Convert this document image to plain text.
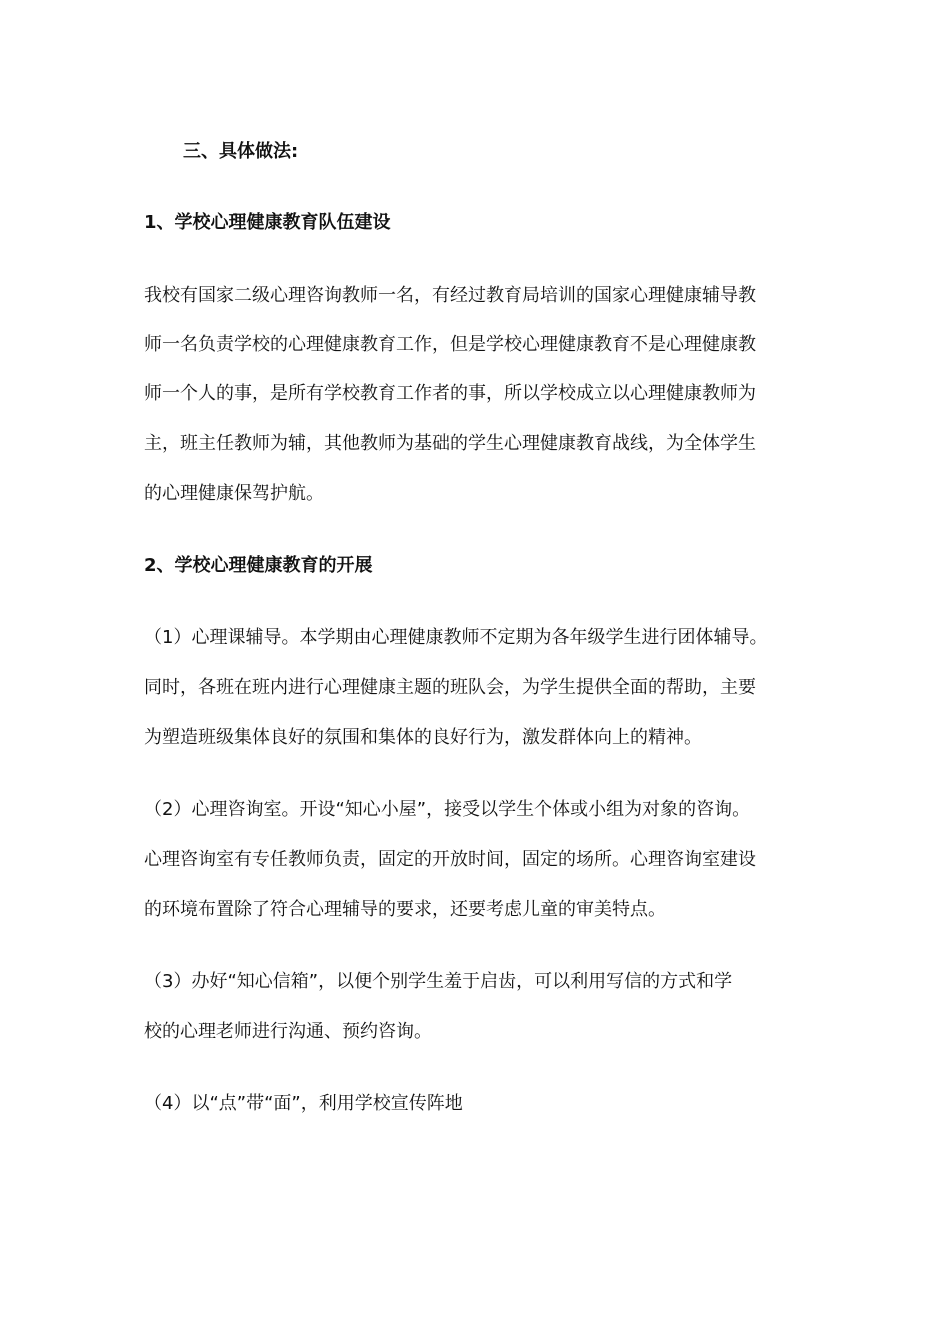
三、具体做法:
1、学校心理健康教育队伍建设
我校有国家二级心理咨询教师一名，有经过教育局培训的国家心理健康辅导教
师一名负责学校的心理健康教育工作，但是学校心理健康教育不是心理健康教
师一个人的事，是所有学校教育工作者的事，所以学校成立以心理健康教师为
主，班主任教师为辅，其他教师为基础的学生心理健康教育战线，为全体学生
的心理健康保驾护航。
2、学校心理健康教育的开展
（1）心理课辅导。本学期由心理健康教师不定期为各年级学生进行团体辅导。
同时，各班在班内进行心理健康主题的班队会，为学生提供全面的帮助，主要
为塑造班级集体良好的氛围和集体的良好行为，激发群体向上的精神。
（2）心理咨询室。开设“知心小屋”，接受以学生个体或小组为对象的咨询。
心理咨询室有专任教师负责，固定的开放时间，固定的场所。心理咨询室建设
的环境布置除了符合心理辅导的要求，还要考虑儿童的审美特点。
（3）办好“知心信箱”，以便个别学生羞于启齿，可以利用写信的方式和学
校的心理老师进行沟通、预约咨询。
（4）以“点”带“面”，利用学校宣传阵地
